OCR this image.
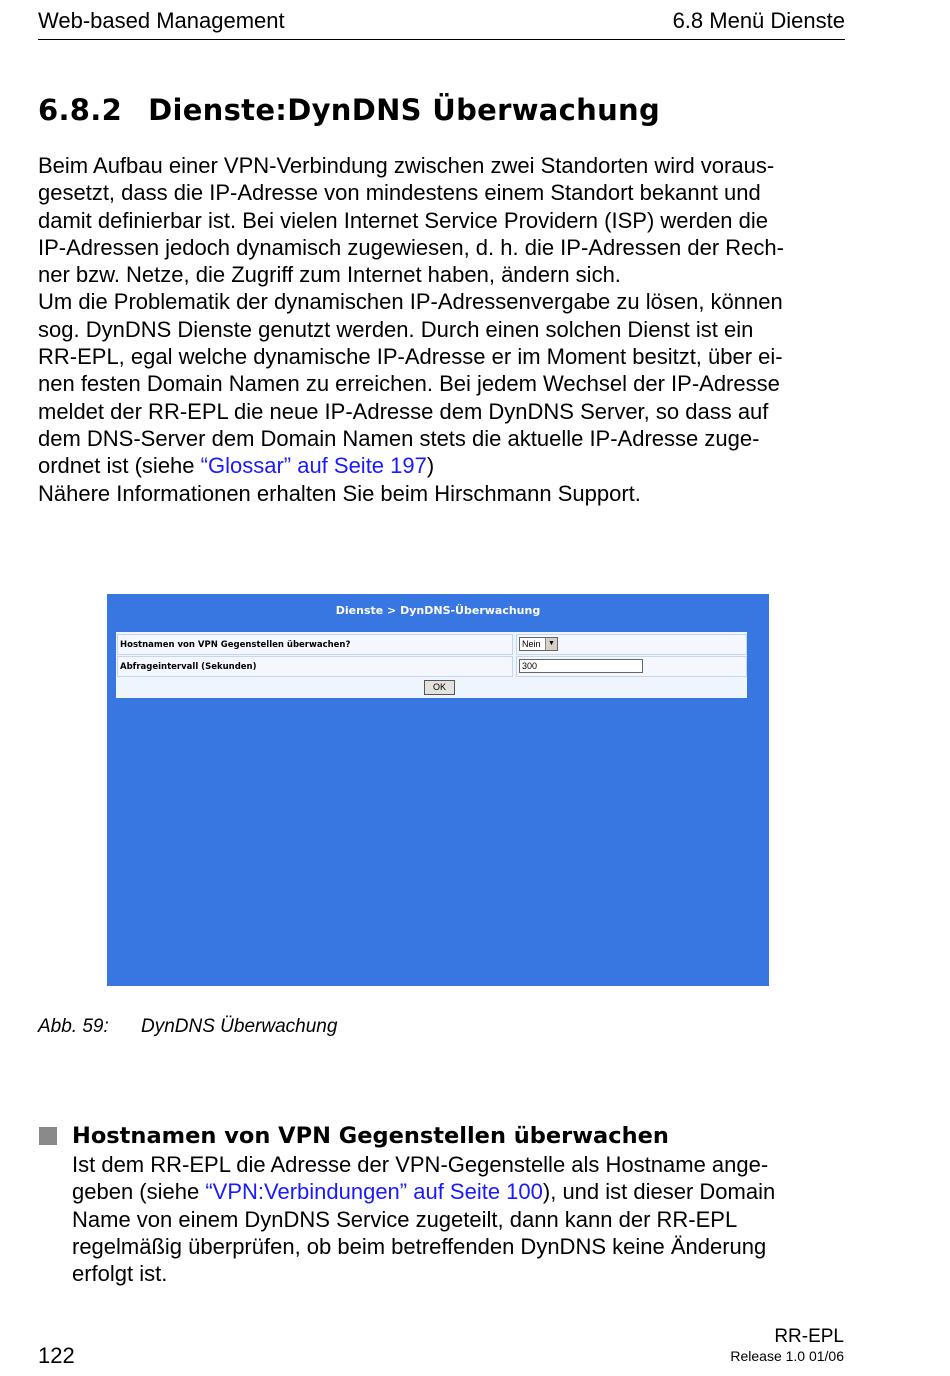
Web-based Management	6.8 Menü Dienste
6.8.2 Dienste:DynDNS Überwachung
Beim Aufbau einer VPN-Verbindung zwischen zwei Standorten wird voraus-
gesetzt, dass die IP-Adresse von mindestens einem Standort bekannt und
damit definierbar ist. Bei vielen Internet Service Providern (ISP) werden die
IP-Adressen jedoch dynamisch zugewiesen, d. h. die IP-Adressen der Rech-
ner bzw. Netze, die Zugriff zum Internet haben, ändern sich.
Um die Problematik der dynamischen IP-Adressenvergabe zu lösen, können
sog. DynDNS Dienste genutzt werden. Durch einen solchen Dienst ist ein
RR-EPL, egal welche dynamische IP-Adresse er im Moment besitzt, über ei-
nen festen Domain Namen zu erreichen. Bei jedem Wechsel der IP-Adresse
meldet der RR-EPL die neue IP-Adresse dem DynDNS Server, so dass auf
dem DNS-Server dem Domain Namen stets die aktuelle IP-Adresse zuge-
ordnet ist (siehe “Glossar” auf Seite 197)
Nähere Informationen erhalten Sie beim Hirschmann Support.
Dienste > DynDNS-Überwachung
Hostnamen von VPN Gegenstellen überwachen?	Nein	▼
Abfrageintervall (Sekunden)	300
OK
Abb. 59: DynDNS Überwachung
Hostnamen von VPN Gegenstellen überwachen
Ist dem RR-EPL die Adresse der VPN-Gegenstelle als Hostname ange-
geben (siehe “VPN:Verbindungen” auf Seite 100), und ist dieser Domain
Name von einem DynDNS Service zugeteilt, dann kann der RR-EPL
regelmäßig überprüfen, ob beim betreffenden DynDNS keine Änderung
erfolgt ist.
122
RR-EPL
Release 1.0 01/06
